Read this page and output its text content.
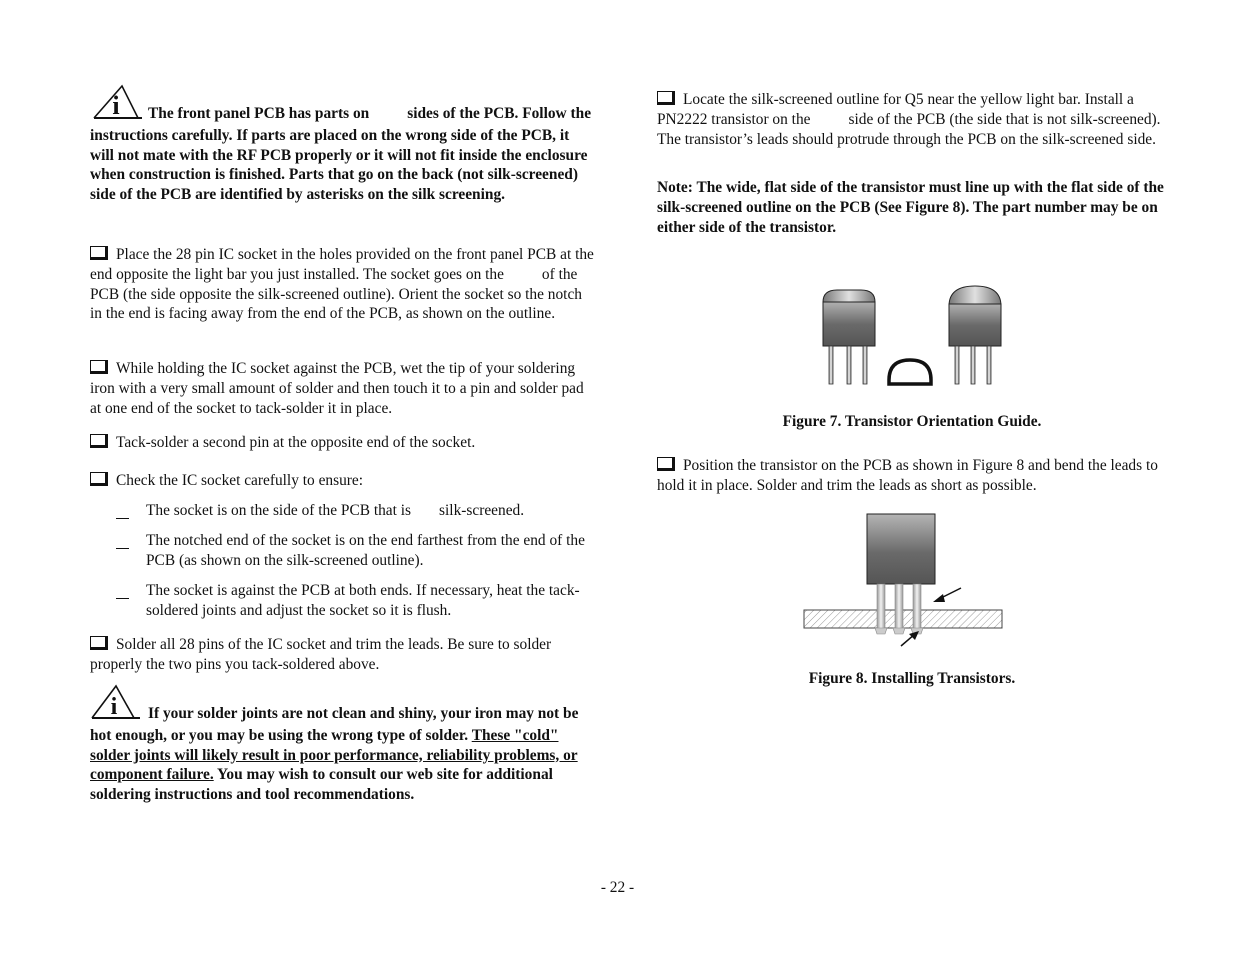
i The front panel PCB has parts on sides of the PCB. Follow the instructions carefully. If parts are placed on the wrong side of the PCB, it will not mate with the RF PCB properly or it will not fit inside the enclosure when construction is finished. Parts that go on the back (not silk-screened) side of the PCB are identified by asterisks on the silk screening.

Place the 28 pin IC socket in the holes provided on the front panel PCB at the end opposite the light bar you just installed. The socket goes on the of the PCB (the side opposite the silk-screened outline). Orient the socket so the notch in the end is facing away from the end of the PCB, as shown on the outline.

While holding the IC socket against the PCB, wet the tip of your soldering iron with a very small amount of solder and then touch it to a pin and solder pad at one end of the socket to tack-solder it in place.

Tack-solder a second pin at the opposite end of the socket.

Check the IC socket carefully to ensure:

The socket is on the side of the PCB that is silk-screened.

The notched end of the socket is on the end farthest from the end of the PCB (as shown on the silk-screened outline).

The socket is against the PCB at both ends. If necessary, heat the tack-soldered joints and adjust the socket so it is flush.

Solder all 28 pins of the IC socket and trim the leads. Be sure to solder properly the two pins you tack-soldered above.

i If your solder joints are not clean and shiny, your iron may not be hot enough, or you may be using the wrong type of solder. These "cold" solder joints will likely result in poor performance, reliability problems, or component failure. You may wish to consult our web site for additional soldering instructions and tool recommendations.

Locate the silk-screened outline for Q5 near the yellow light bar. Install a PN2222 transistor on the side of the PCB (the side that is not silk-screened). The transistor’s leads should protrude through the PCB on the silk-screened side.

Note: The wide, flat side of the transistor must line up with the flat side of the silk-screened outline on the PCB (See Figure 8). The part number may be on either side of the transistor.

Figure 7. Transistor Orientation Guide.

Position the transistor on the PCB as shown in Figure 8 and bend the leads to hold it in place. Solder and trim the leads as short as possible.

Figure 8. Installing Transistors.

- 22 -
